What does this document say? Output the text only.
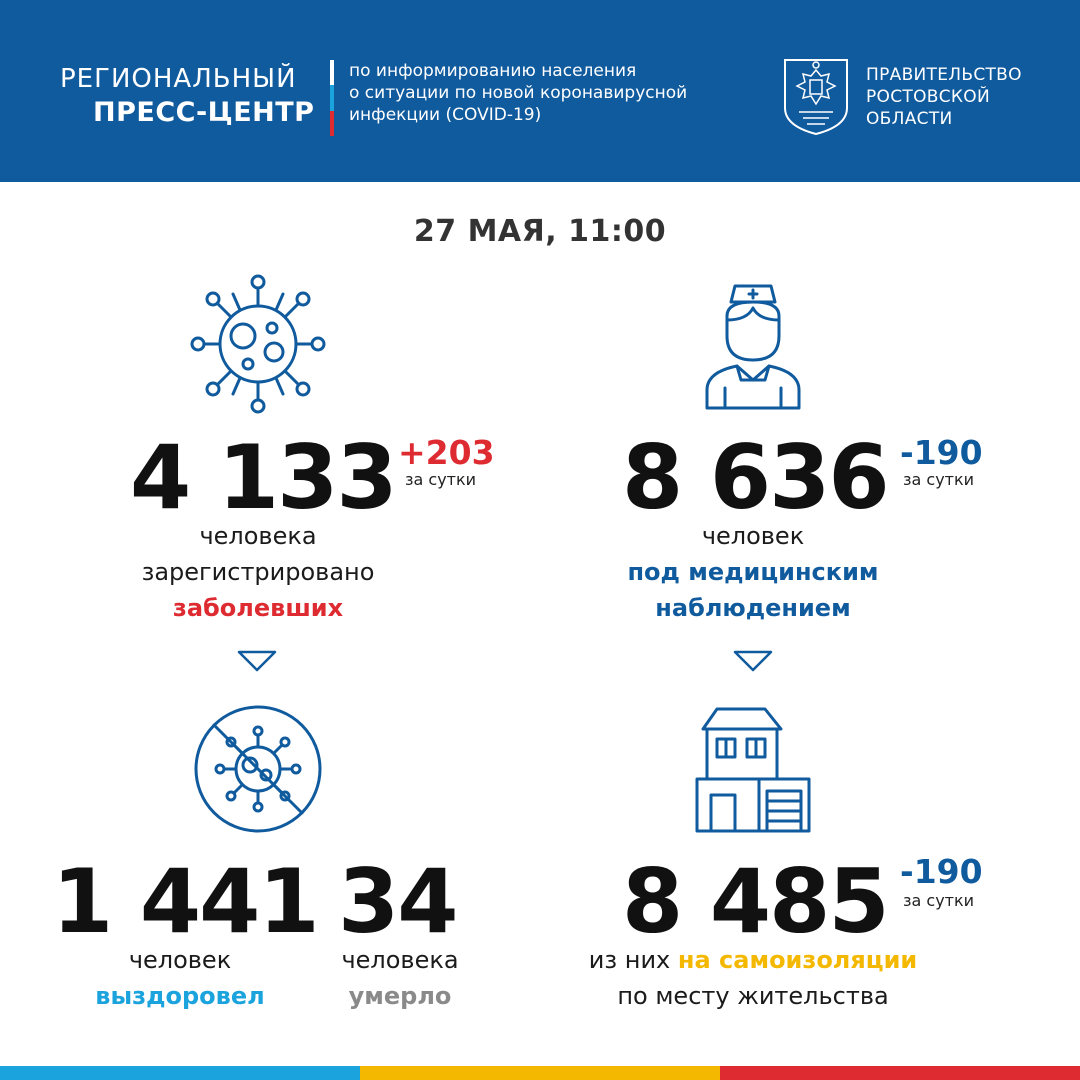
РЕГИОНАЛЬНЫЙ
ПРЕСС-ЦЕНТР
по информированию населения
о ситуации по новой коронавирусной
инфекции (COVID-19)
ПРАВИТЕЛЬСТВО
РОСТОВСКОЙ
ОБЛАСТИ
27 МАЯ, 11:00
4 133 +203
за сутки
человека
зарегистрировано
заболевших
8 636 -190
за сутки
человек
под медицинским
наблюдением
1 441
человек
выздоровел
34
человека
умерло
8 485 -190
за сутки
из них на самоизоляции
по месту жительства
